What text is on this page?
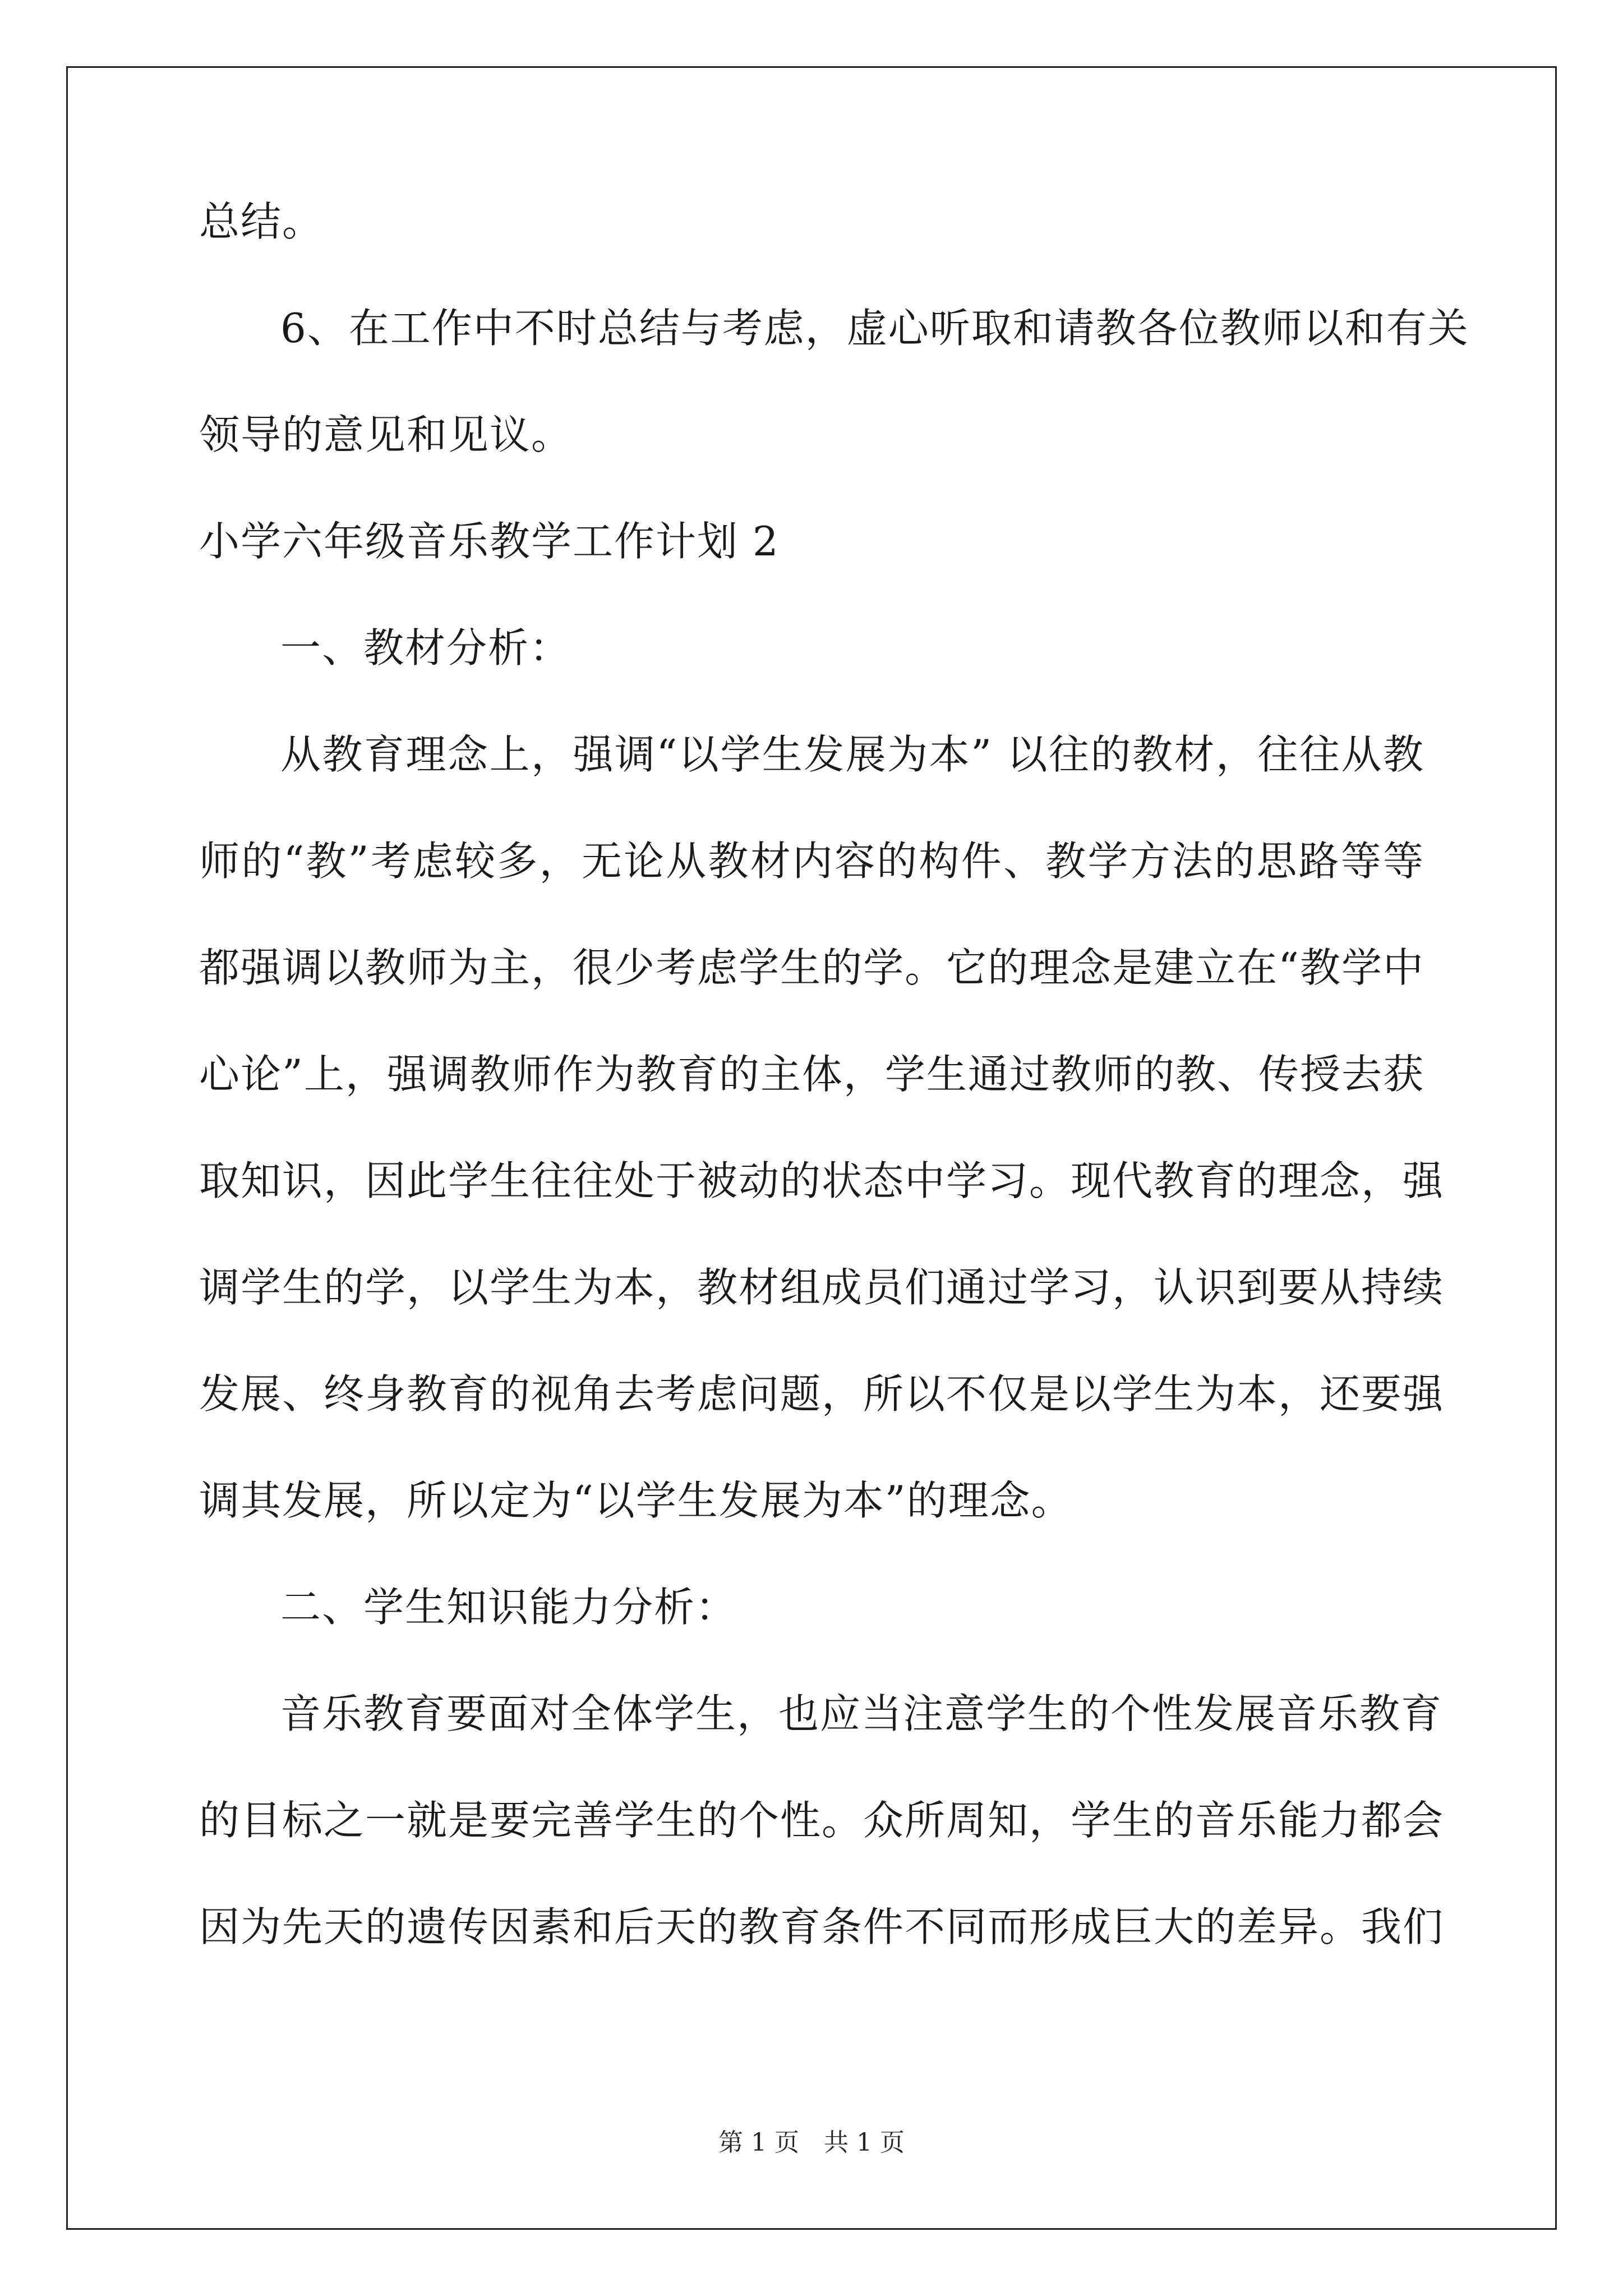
总结。
6、在工作中不时总结与考虑，虚心听取和请教各位教师以和有关
领导的意见和见议。
小学六年级音乐教学工作计划 2
一、教材分析：
从教育理念上，强调“以学生发展为本” 以往的教材，往往从教
师的“教”考虑较多，无论从教材内容的构件、教学方法的思路等等
都强调以教师为主，很少考虑学生的学。它的理念是建立在“教学中
心论”上，强调教师作为教育的主体，学生通过教师的教、传授去获
取知识，因此学生往往处于被动的状态中学习。现代教育的理念，强
调学生的学，以学生为本，教材组成员们通过学习，认识到要从持续
发展、终身教育的视角去考虑问题，所以不仅是以学生为本，还要强
调其发展，所以定为“以学生发展为本”的理念。
二、学生知识能力分析：
音乐教育要面对全体学生，也应当注意学生的个性发展音乐教育
的目标之一就是要完善学生的个性。众所周知，学生的音乐能力都会
因为先天的遗传因素和后天的教育条件不同而形成巨大的差异。我们
第 1 页　共 1 页
